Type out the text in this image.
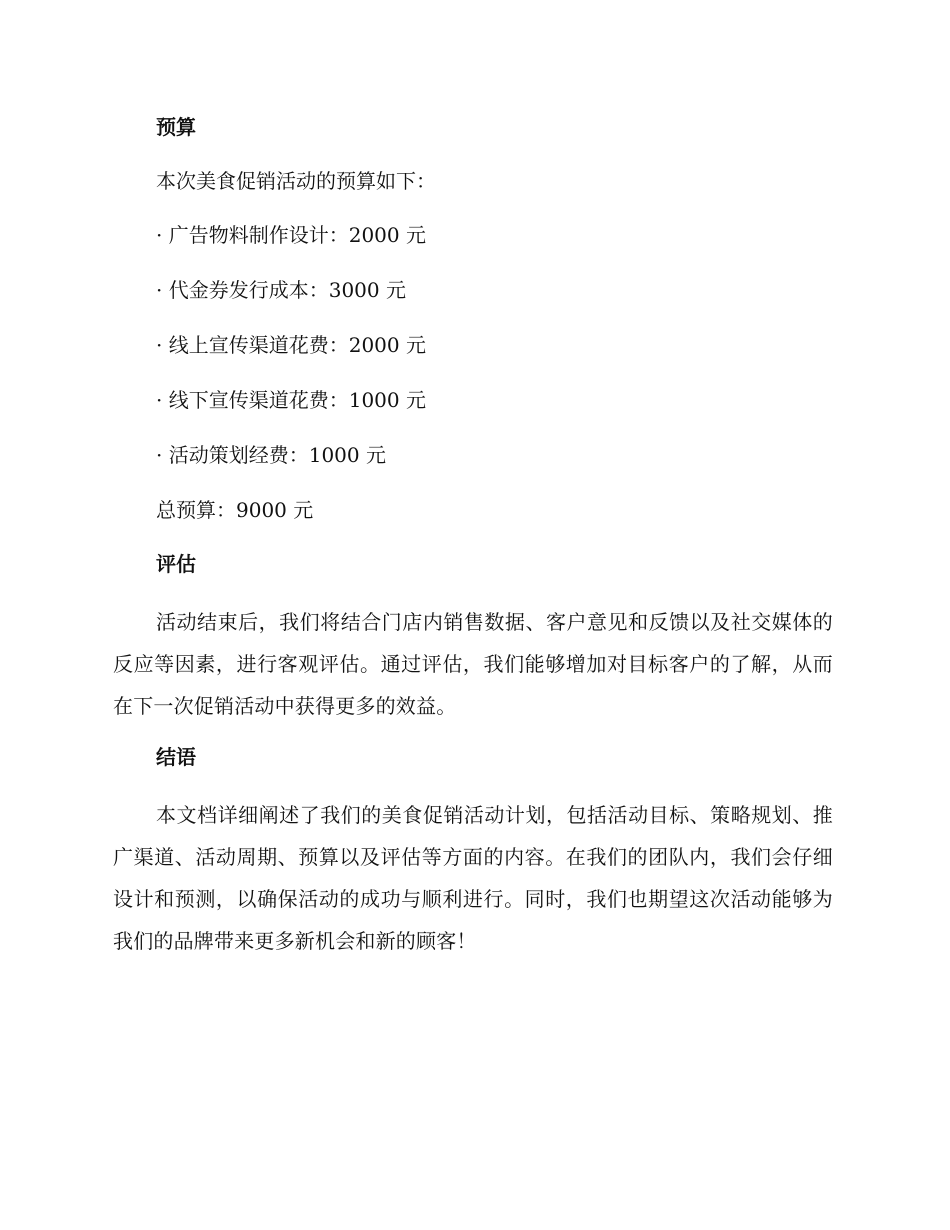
预算
本次美食促销活动的预算如下：
· 广告物料制作设计：2000 元
· 代金券发行成本：3000 元
· 线上宣传渠道花费：2000 元
· 线下宣传渠道花费：1000 元
· 活动策划经费：1000 元
总预算：9000 元
评估
活动结束后，我们将结合门店内销售数据、客户意见和反馈以及社交媒体的反应等因素，进行客观评估。通过评估，我们能够增加对目标客户的了解，从而在下一次促销活动中获得更多的效益。
结语
本文档详细阐述了我们的美食促销活动计划，包括活动目标、策略规划、推广渠道、活动周期、预算以及评估等方面的内容。在我们的团队内，我们会仔细设计和预测，以确保活动的成功与顺利进行。同时，我们也期望这次活动能够为我们的品牌带来更多新机会和新的顾客！
